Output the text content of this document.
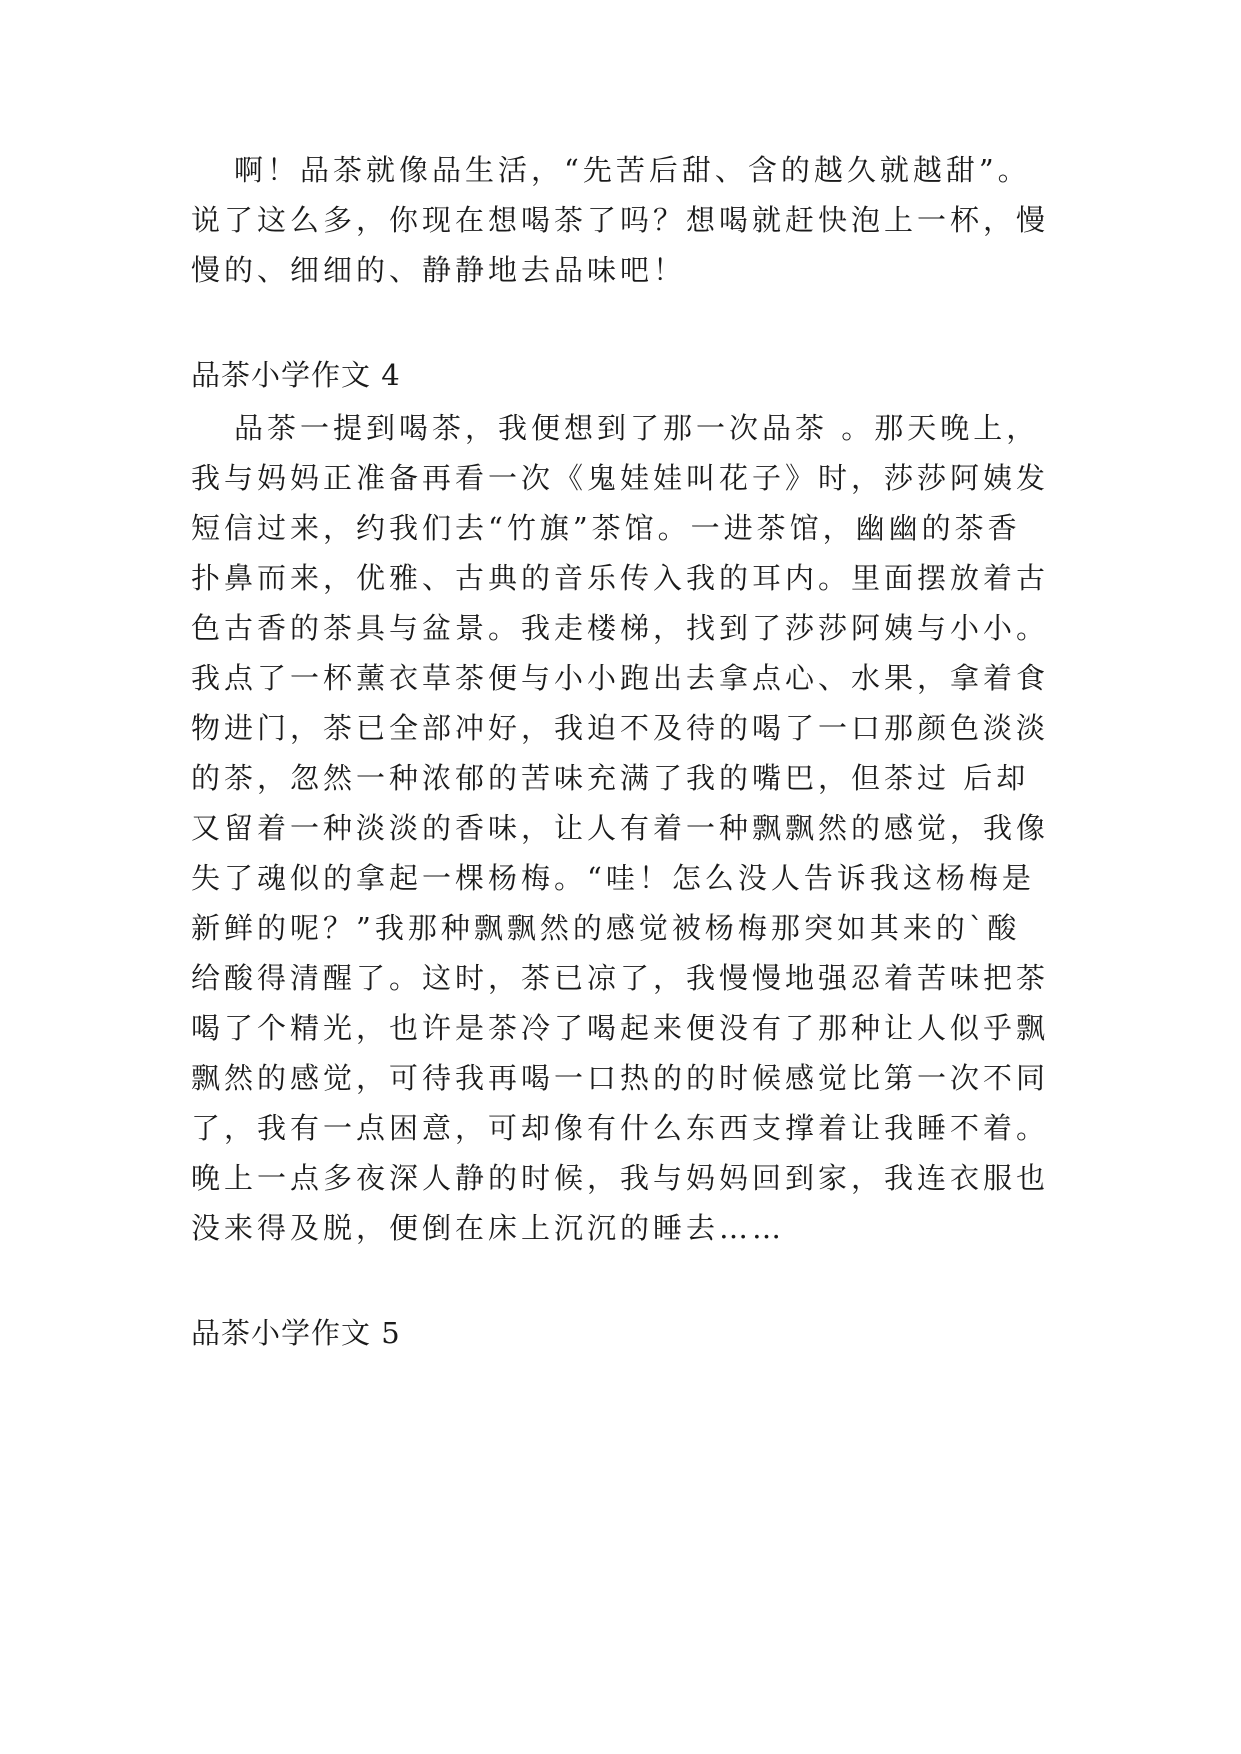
啊！品茶就像品生活，“先苦后甜、含的越久就越甜”。
说了这么多，你现在想喝茶了吗？想喝就赶快泡上一杯，慢
慢的、细细的、静静地去品味吧！
品茶小学作文 4
品茶一提到喝茶，我便想到了那一次品茶 。那天晚上，
我与妈妈正准备再看一次《鬼娃娃叫花子》时，莎莎阿姨发
短信过来，约我们去“竹旗”茶馆。一进茶馆，幽幽的茶香
扑鼻而来，优雅、古典的音乐传入我的耳内。里面摆放着古
色古香的茶具与盆景。我走楼梯，找到了莎莎阿姨与小小。
我点了一杯薰衣草茶便与小小跑出去拿点心、水果，拿着食
物进门，茶已全部冲好，我迫不及待的喝了一口那颜色淡淡
的茶，忽然一种浓郁的苦味充满了我的嘴巴，但茶过 后却
又留着一种淡淡的香味，让人有着一种飘飘然的感觉，我像
失了魂似的拿起一棵杨梅。“哇！怎么没人告诉我这杨梅是
新鲜的呢？”我那种飘飘然的感觉被杨梅那突如其来的`酸
给酸得清醒了。这时，茶已凉了，我慢慢地强忍着苦味把茶
喝了个精光，也许是茶冷了喝起来便没有了那种让人似乎飘
飘然的感觉，可待我再喝一口热的的时候感觉比第一次不同
了，我有一点困意，可却像有什么东西支撑着让我睡不着。
晚上一点多夜深人静的时候，我与妈妈回到家，我连衣服也
没来得及脱，便倒在床上沉沉的睡去……
品茶小学作文 5
